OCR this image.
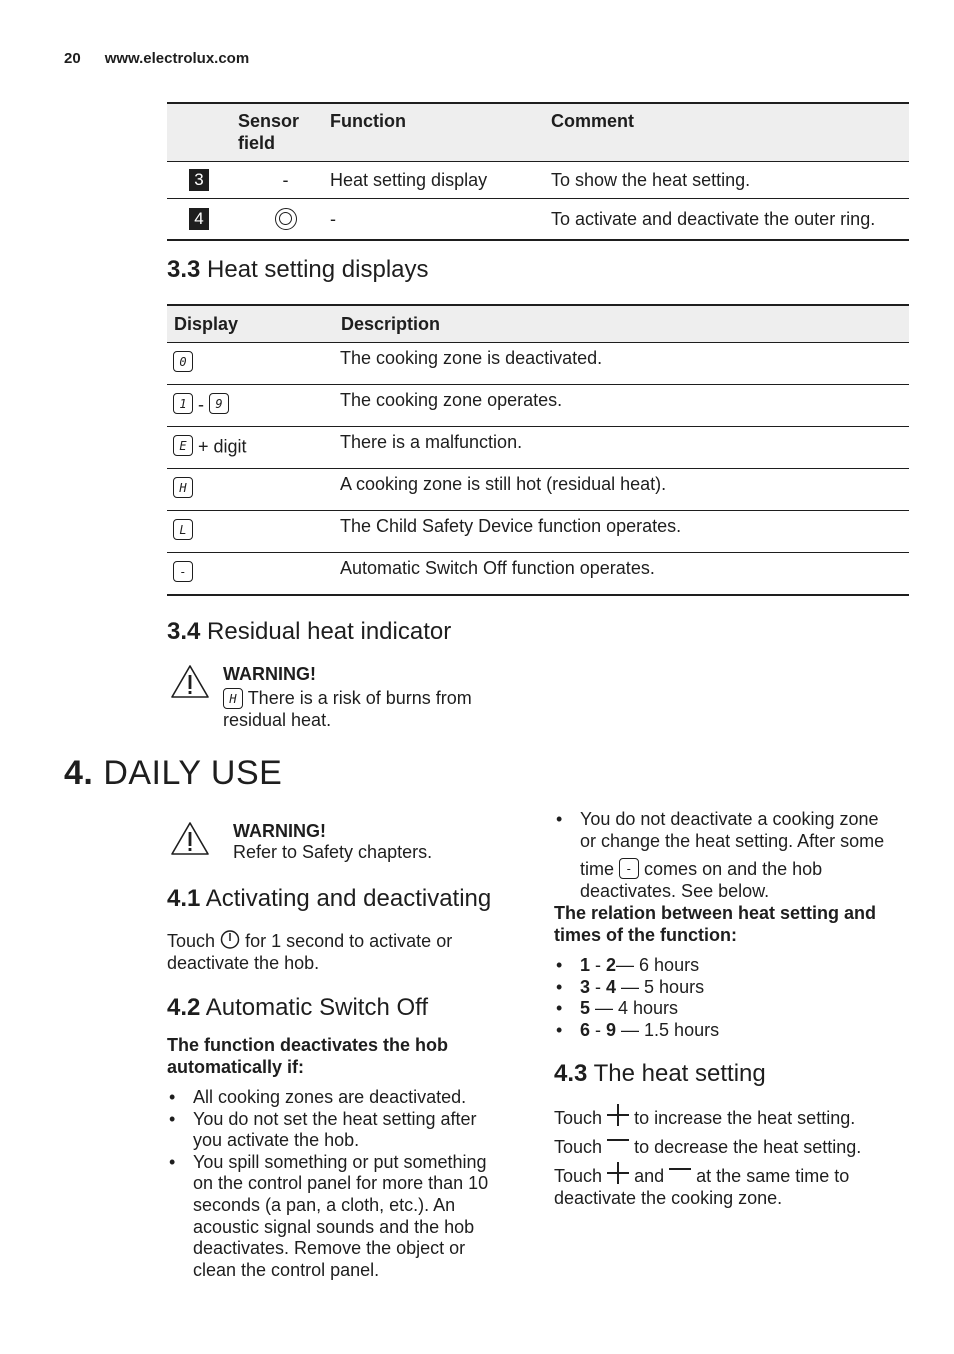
20 www.electrolux.com
	Sensor field	Function	Comment
3	-	Heat setting display	To show the heat setting.
4		-	To activate and deactivate the outer ring.
3.3 Heat setting displays
Display	Description
0	The cooking zone is deactivated.
1 - 9	The cooking zone operates.
E + digit	There is a malfunction.
H	A cooking zone is still hot (residual heat).
L	The Child Safety Device function operates.
-	Automatic Switch Off function operates.
3.4 Residual heat indicator
WARNING!
H There is a risk of burns from
residual heat.
4. DAILY USE
WARNING!
Refer to Safety chapters.
4.1 Activating and deactivating
Touch for 1 second to activate or
deactivate the hob.
4.2 Automatic Switch Off
The function deactivates the hob
automatically if:
• All cooking zones are deactivated.
• You do not set the heat setting after
you activate the hob.
• You spill something or put something
on the control panel for more than 10
seconds (a pan, a cloth, etc.). An
acoustic signal sounds and the hob
deactivates. Remove the object or
clean the control panel.
• You do not deactivate a cooking zone
or change the heat setting. After some
time - comes on and the hob
deactivates. See below.
The relation between heat setting and
times of the function:
• 1 - 2— 6 hours
• 3 - 4 — 5 hours
• 5 — 4 hours
• 6 - 9 — 1.5 hours
4.3 The heat setting
Touch to increase the heat setting.
Touch to decrease the heat setting.
Touch and at the same time to
deactivate the cooking zone.
